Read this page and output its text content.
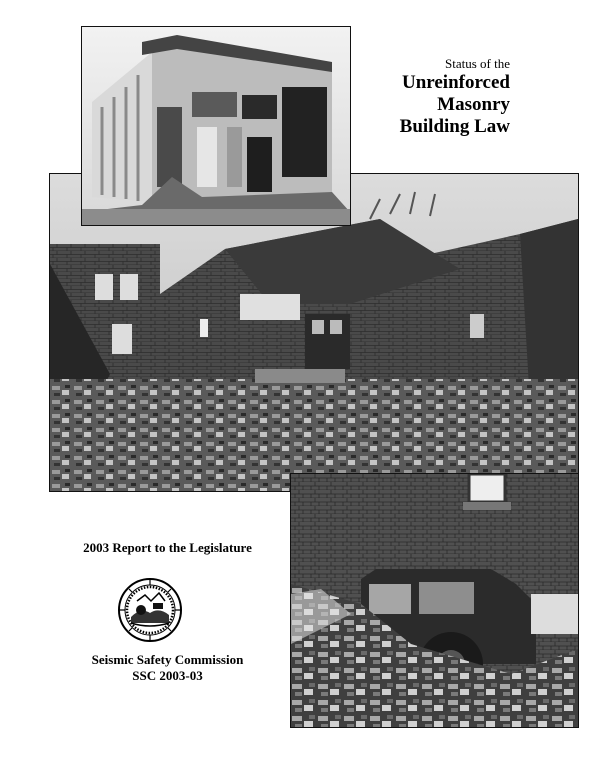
Status of the
Unreinforced
Masonry
Building Law
2003 Report to the Legislature
Seismic Safety Commission
SSC 2003-03
